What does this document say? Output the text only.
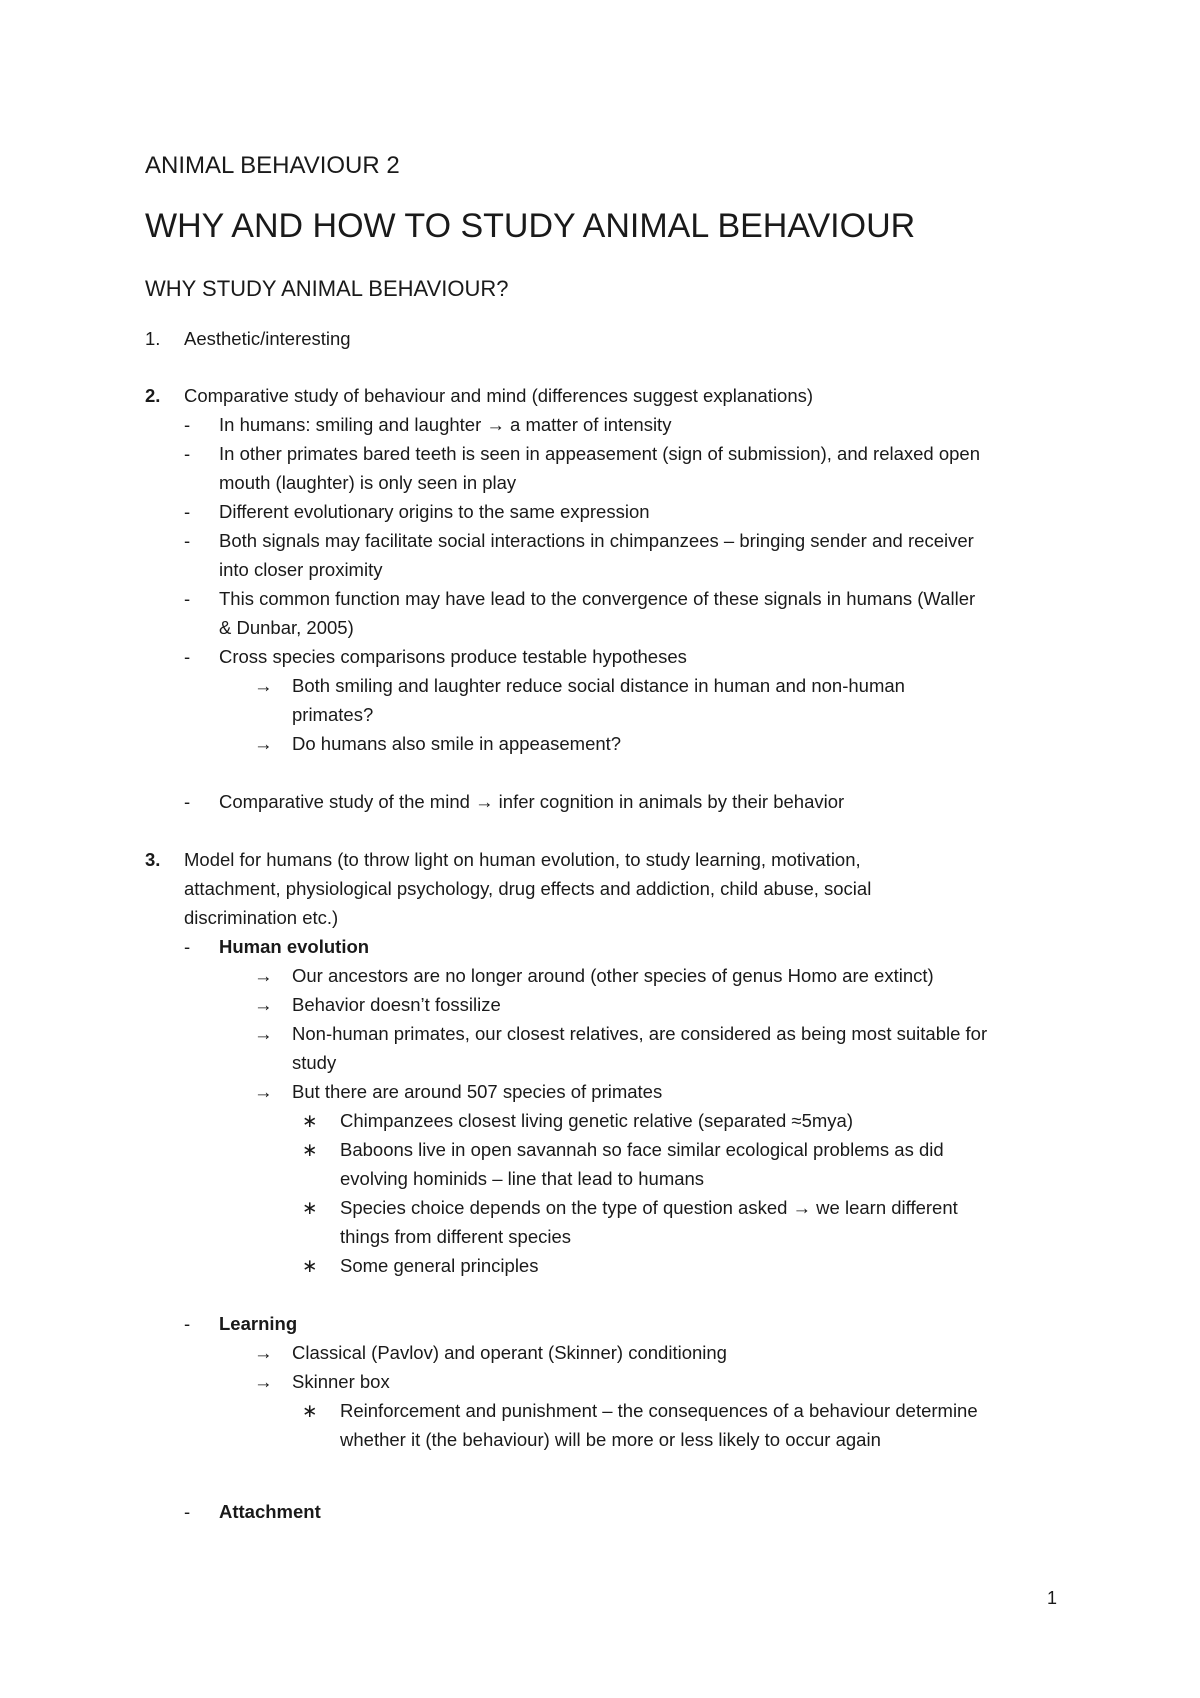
ANIMAL BEHAVIOUR 2
WHY AND HOW TO STUDY ANIMAL BEHAVIOUR
WHY STUDY ANIMAL BEHAVIOUR?
1. Aesthetic/interesting
2. Comparative study of behaviour and mind (differences suggest explanations)
- In humans: smiling and laughter → a matter of intensity
- In other primates bared teeth is seen in appeasement (sign of submission), and relaxed open
mouth (laughter) is only seen in play
- Different evolutionary origins to the same expression
- Both signals may facilitate social interactions in chimpanzees – bringing sender and receiver
into closer proximity
- This common function may have lead to the convergence of these signals in humans (Waller
& Dunbar, 2005)
- Cross species comparisons produce testable hypotheses
→ Both smiling and laughter reduce social distance in human and non-human
primates?
→ Do humans also smile in appeasement?
- Comparative study of the mind → infer cognition in animals by their behavior
3. Model for humans (to throw light on human evolution, to study learning, motivation,
attachment, physiological psychology, drug effects and addiction, child abuse, social
discrimination etc.)
- Human evolution
→ Our ancestors are no longer around (other species of genus Homo are extinct)
→ Behavior doesn’t fossilize
→ Non-human primates, our closest relatives, are considered as being most suitable for
study
→ But there are around 507 species of primates
∗ Chimpanzees closest living genetic relative (separated ≈5mya)
∗ Baboons live in open savannah so face similar ecological problems as did
evolving hominids – line that lead to humans
∗ Species choice depends on the type of question asked → we learn different
things from different species
∗ Some general principles
- Learning
→ Classical (Pavlov) and operant (Skinner) conditioning
→ Skinner box
∗ Reinforcement and punishment – the consequences of a behaviour determine
whether it (the behaviour) will be more or less likely to occur again
- Attachment
1
